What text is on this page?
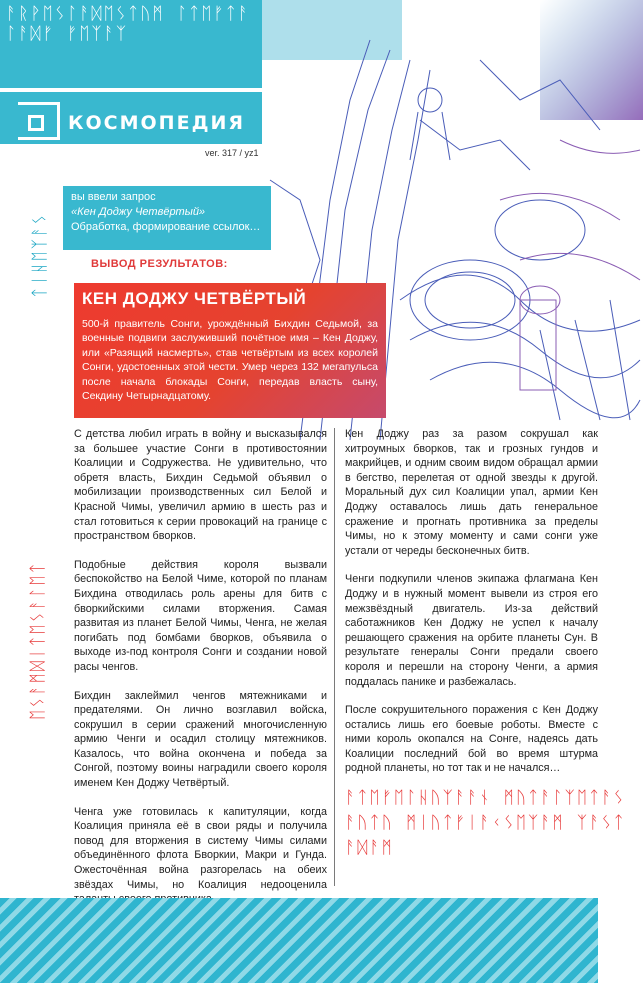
ᚨᚱᚹᛖᛊᛚᚨᛞᛖᛊᛏᚢᛗ ᛚᛏᛖᚠᛏᚨᛚᚨᛞᚠ ᚠᛖᛉᚨᛉ
КОСМОПЕДИЯ
ver. 317 / yz1
ᛏᛁᚺᛖᛉᚨᛊ
ᛖᛊᚨᛗᛞᛁᛏᛖᛊᚨᛚᛖᛏ
вы ввели запрос
«Кен Доджу Четвёртый»
Обработка, формирование ссылок…
ВЫВОД РЕЗУЛЬТАТОВ:
КЕН ДОДЖУ ЧЕТВЁРТЫЙ

500-й правитель Сонги, урождённый Бихдин Седьмой, за военные подвиги заслуживший почётное имя – Кен Доджу, или «Разящий насмерть», став четвёртым из всех королей Сонги, удостоенных этой чести. Умер через 132 мегапульса после начала блокады Сонги, передав власть сыну, Секдину Четырнадцатому.

С детства любил играть в войну и высказывался за большее участие Сонги в противостоянии Коалиции и Содружества. Не удивительно, что обретя власть, Бихдин Седьмой объявил о мобилизации производственных сил Белой и Красной Чимы, увеличил армию в шесть раз и стал готовиться к серии провокаций на границе с пространством бворков.

Подобные действия короля вызвали беспокойство на Белой Чиме, которой по планам Бихдина отводилась роль арены для битв с бворкийскими силами вторжения. Самая развитая из планет Белой Чимы, Ченга, не желая погибать под бомбами бворков, объявила о выходе из-под контроля Сонги и создании новой расы ченгов.

Бихдин заклеймил ченгов мятежниками и предателями. Он лично возглавил войска, сокрушил в серии сражений многочисленную армию Ченги и осадил столицу мятежников. Казалось, что война окончена и победа за Сонгой, поэтому воины наградили своего короля именем Кен Доджу Четвёртый.

Ченга уже готовилась к капитуляции, когда Коалиция приняла её в свои ряды и получила повод для вторжения в систему Чимы силами объединённого флота Бворкии, Макри и Гунда. Ожесточённая война разгорелась на обеих звёздах Чимы, но Коалиция недооценила

Кен Доджу раз за разом сокрушал как хитроумных бворков, так и грозных гундов и макрийцев, и одним своим видом обращал армии в бегство, перелетая от одной звезды к другой. Моральный дух сил Коалиции упал, армии Кен Доджу оставалось лишь дать генеральное сражение и прогнать противника за пределы Чимы, но к этому моменту и сами сонги уже устали от череды бесконечных битв.

Ченги подкупили членов экипажа флагмана Кен Доджу и в нужный момент вывели из строя его межзвёздный двигатель. Из-за действий саботажников Кен Доджу не успел к началу решающего сражения на орбите планеты Сун. В результате генералы Сонги предали своего короля и перешли на сторону Ченги, а армия поддалась панике и разбежалась.

После сокрушительного поражения с Кен Доджу остались лишь его боевые роботы. Вместе с ними король окопался на Сонге, надеясь дать Коалиции последний бой во время штурма родной планеты, но тот так и не начался…

ᚨᛏᛖᚠᛖᛚᚺᚢᛉᚨᚨᚾ ᛗᚢᛏᚨᛚᛉᛖᛏᚨᛊᚨᚢᛏᚢ ᛗᛁᚢᛏᚠᛁᚨᚲᛊᛖᛉᚨᛗ ᛉᚨᛊᛏᚨᛞᚨᛗ
